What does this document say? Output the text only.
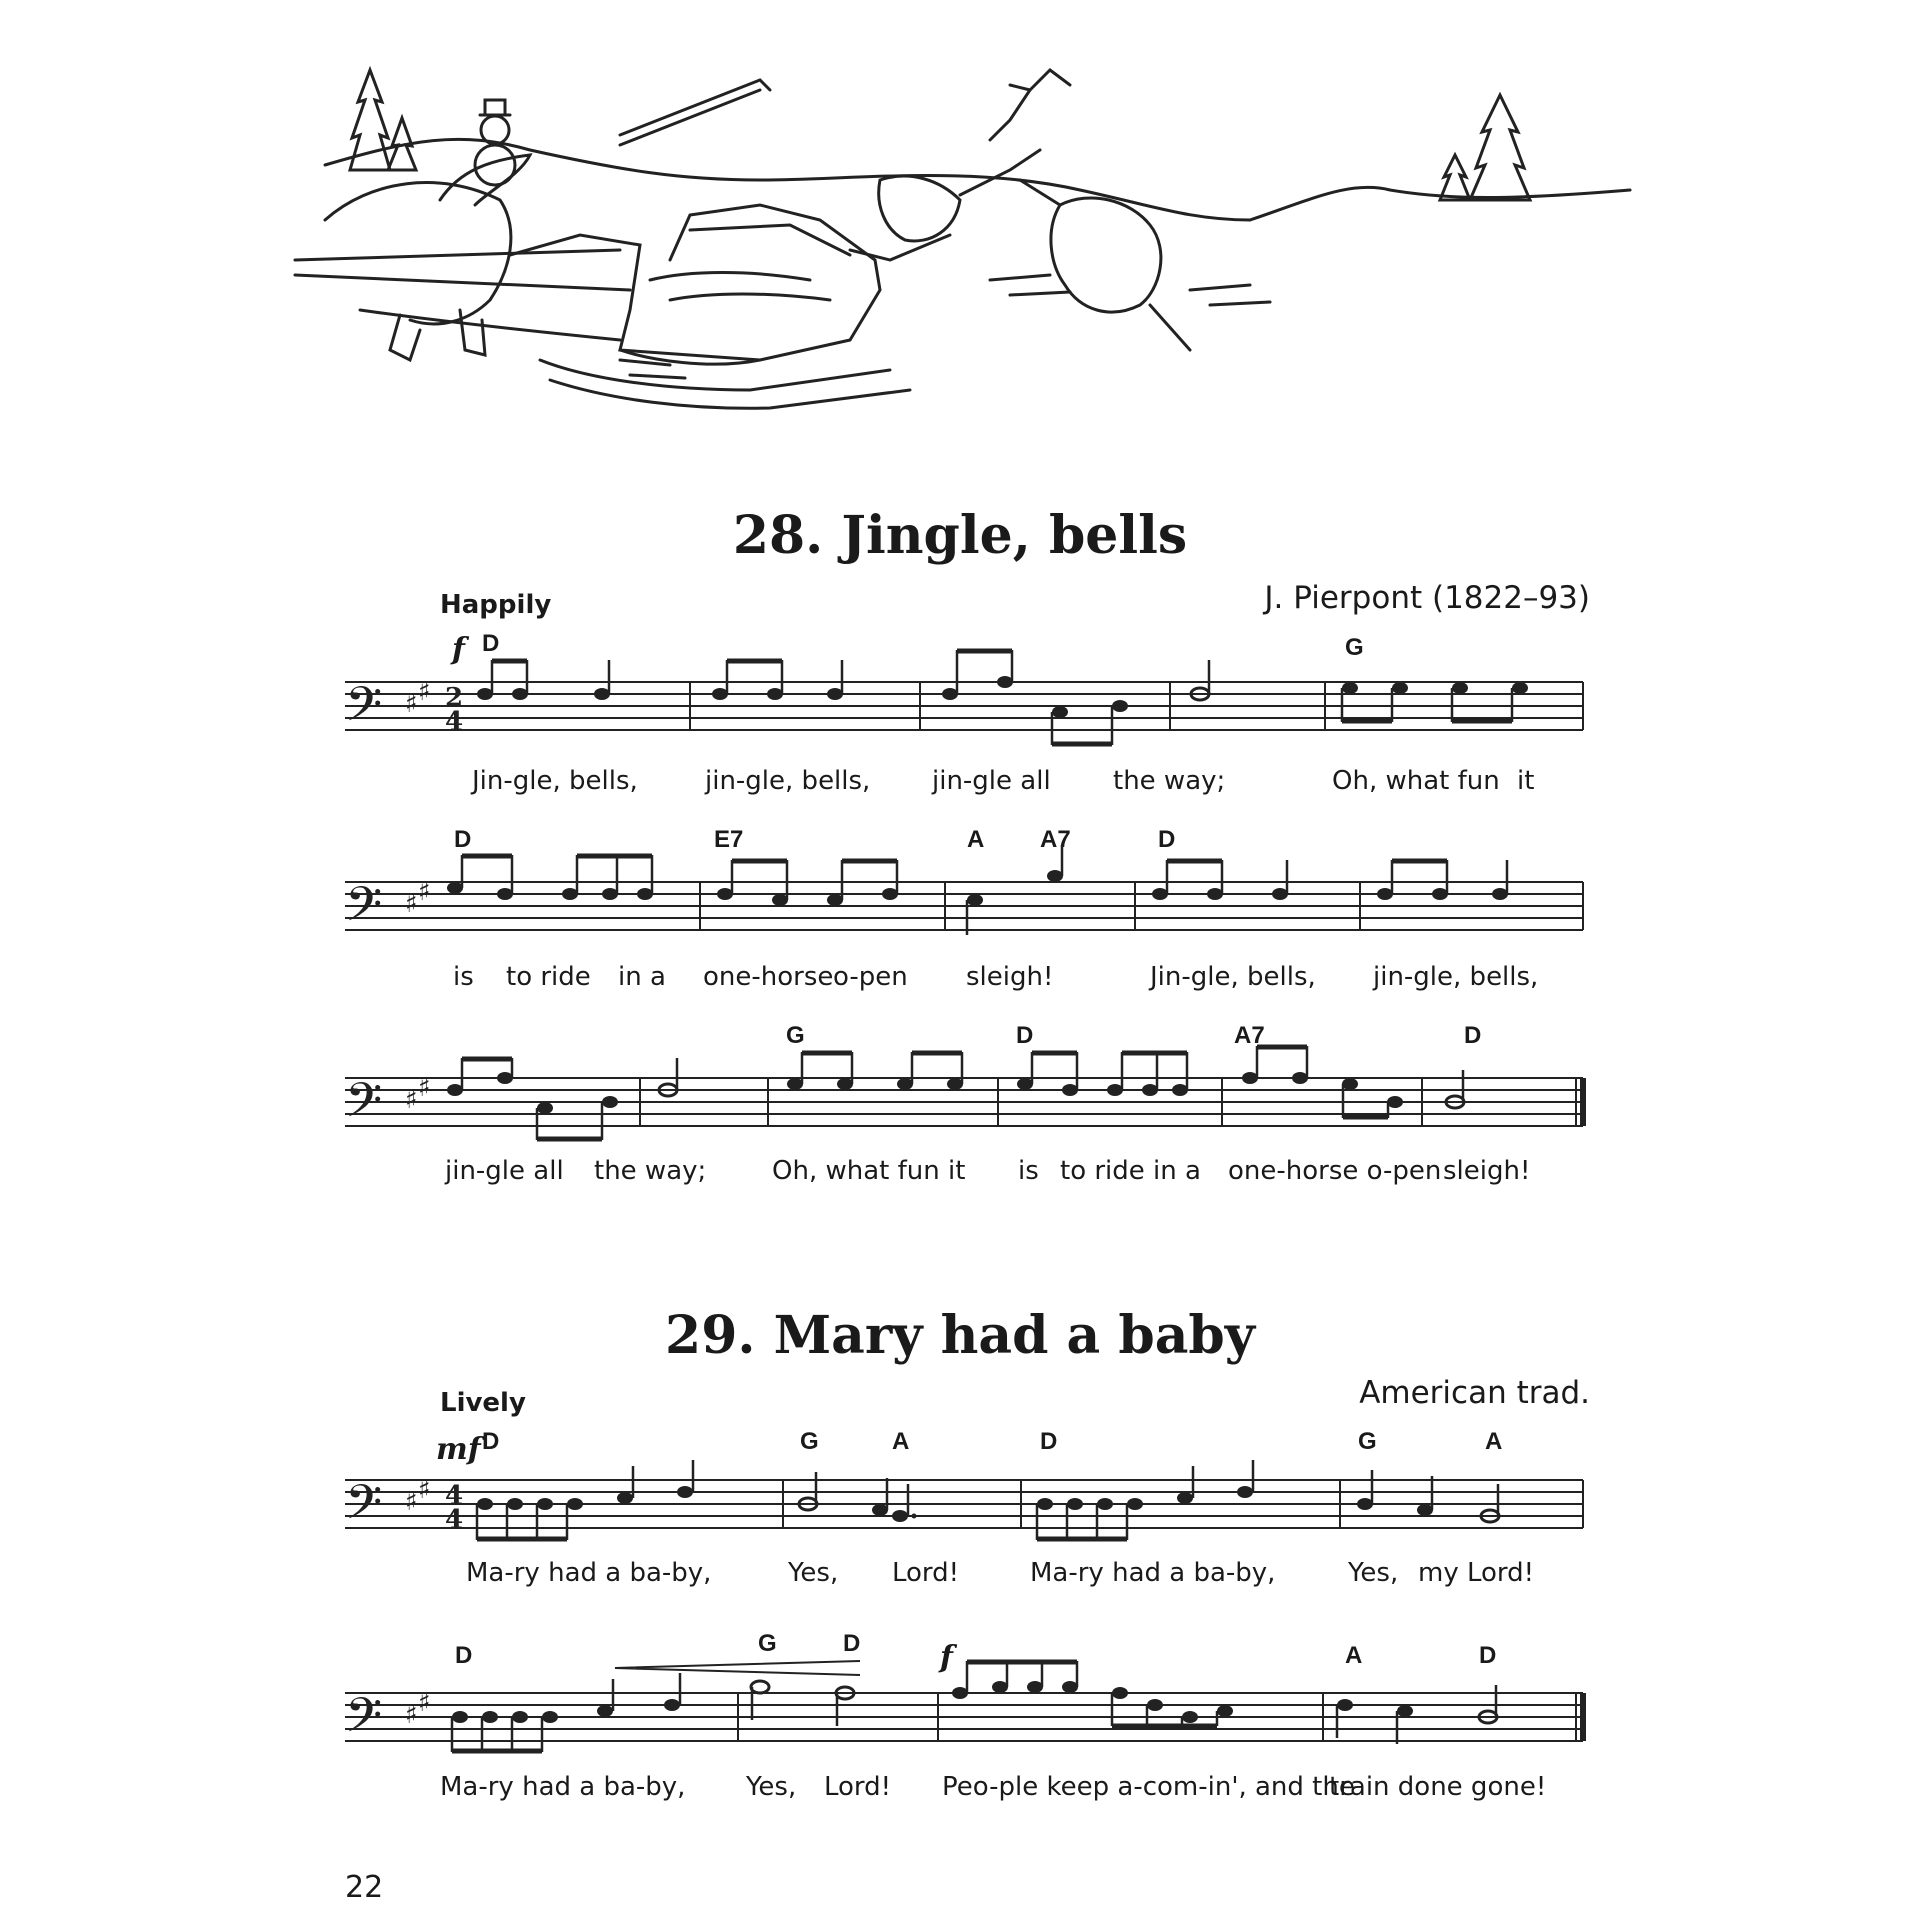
28. Jingle, bells
Happily	J. Pierpont (1822–93)
f D	G
𝄢 ♯ ♯ 2
4
Jin-gle, bells,	jin-gle, bells, jin-gle all the way;	Oh, what fun it
D	E7	A A7	D
𝄢 ♯ ♯
is to ride in a one-horse o-pen sleigh!	Jin-gle, bells, jin-gle, bells,
G	D	A7	D
𝄢 ♯ ♯
jin-gle all the way;	Oh, what fun it is to ride in a one-horse o-pen sleigh!
29. Mary had a baby
Lively	American trad.
mf D	G	A	D	G	A
𝄢 ♯ ♯ 4
4
Ma-ry had a ba-by,	Yes, Lord!	Ma-ry had a ba-by,	Yes, my Lord!
D	G	D	A	D
f
𝄢 ♯ ♯
Ma-ry had a ba-by, Yes, Lord! Peo-ple keep a-com-in', and the
train done gone!
22
